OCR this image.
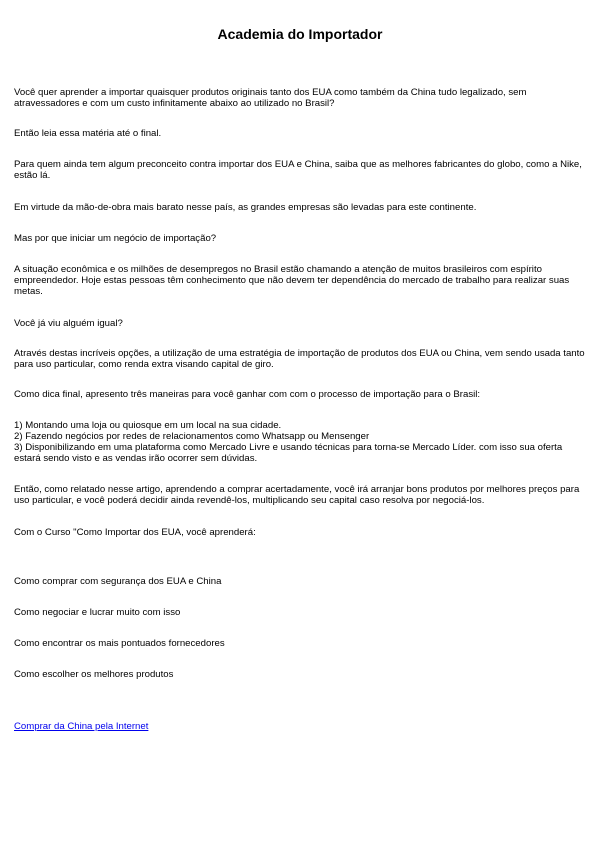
Academia do Importador

Você quer aprender a importar quaisquer produtos originais tanto dos EUA como também da China tudo legalizado, sem atravessadores e com um custo infinitamente abaixo ao utilizado no Brasil?

Então leia essa matéria até o final.

Para quem ainda tem algum preconceito contra importar dos EUA e China, saiba que as melhores fabricantes do globo, como a Nike, estão lá.

Em virtude da mão-de-obra mais barato nesse país, as grandes empresas são levadas para este continente.

Mas por que iniciar um negócio de importação?

A situação econômica e os milhões de desempregos no Brasil estão chamando a atenção de muitos brasileiros com espírito empreendedor. Hoje estas pessoas têm conhecimento que não devem ter dependência do mercado de trabalho para realizar suas metas.

Você já viu alguém igual?

Através destas incríveis opções, a utilização de uma estratégia de importação de produtos dos EUA ou China, vem sendo usada tanto para uso particular, como renda extra visando capital de giro.

Como dica final, apresento três maneiras para você ganhar com com o processo de importação para o Brasil:

1) Montando uma loja ou quiosque em um local na sua cidade.
2) Fazendo negócios por redes de relacionamentos como Whatsapp ou Mensenger
3) Disponibilizando em uma plataforma como Mercado Livre e usando técnicas para torna-se Mercado Líder. com isso sua oferta estará sendo visto e as vendas irão ocorrer sem dúvidas.

Então, como relatado nesse artigo, aprendendo a comprar acertadamente, você irá arranjar bons produtos por melhores preços para uso particular, e você poderá decidir ainda revendê-los, multiplicando seu capital caso resolva por negociá-los.

Com o Curso "Como Importar dos EUA, você aprenderá:

Como comprar com segurança dos EUA e China

Como negociar e lucrar muito com isso

Como encontrar os mais pontuados fornecedores

Como escolher os melhores produtos

Comprar da China pela Internet
